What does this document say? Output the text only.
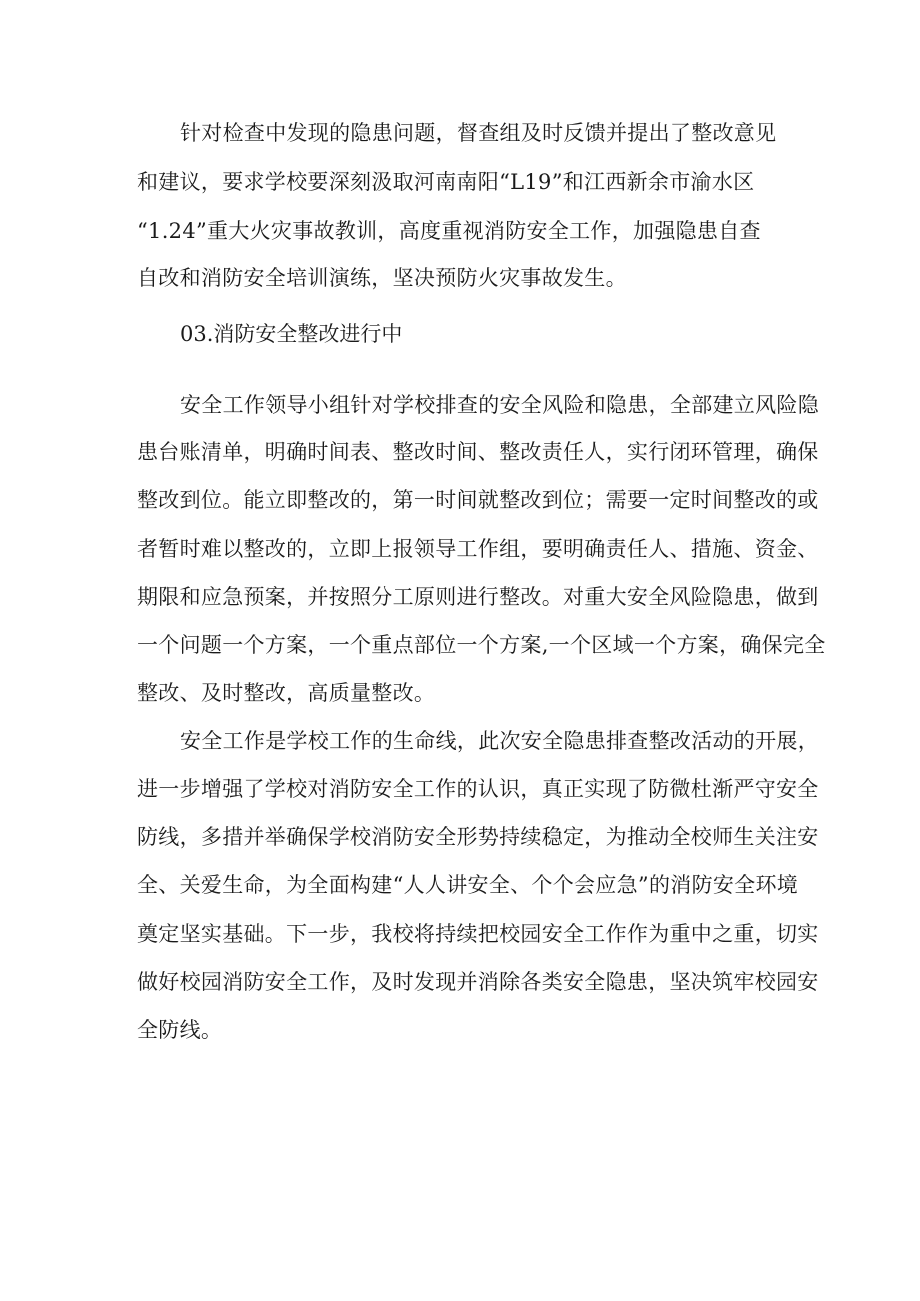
针对检查中发现的隐患问题，督查组及时反馈并提出了整改意见
和建议，要求学校要深刻汲取河南南阳“L19”和江西新余市渝水区
“1.24”重大火灾事故教训，高度重视消防安全工作，加强隐患自查
自改和消防安全培训演练，坚决预防火灾事故发生。
03.消防安全整改进行中
安全工作领导小组针对学校排查的安全风险和隐患，全部建立风险隐
患台账清单，明确时间表、整改时间、整改责任人，实行闭环管理，确保
整改到位。能立即整改的，第一时间就整改到位；需要一定时间整改的或
者暂时难以整改的，立即上报领导工作组，要明确责任人、措施、资金、
期限和应急预案，并按照分工原则进行整改。对重大安全风险隐患，做到
一个问题一个方案，一个重点部位一个方案,一个区域一个方案，确保完全
整改、及时整改，高质量整改。
安全工作是学校工作的生命线，此次安全隐患排查整改活动的开展，
进一步增强了学校对消防安全工作的认识，真正实现了防微杜渐严守安全
防线，多措并举确保学校消防安全形势持续稳定，为推动全校师生关注安
全、关爱生命，为全面构建“人人讲安全、个个会应急”的消防安全环境
奠定坚实基础。下一步，我校将持续把校园安全工作作为重中之重，切实
做好校园消防安全工作，及时发现并消除各类安全隐患，坚决筑牢校园安
全防线。
